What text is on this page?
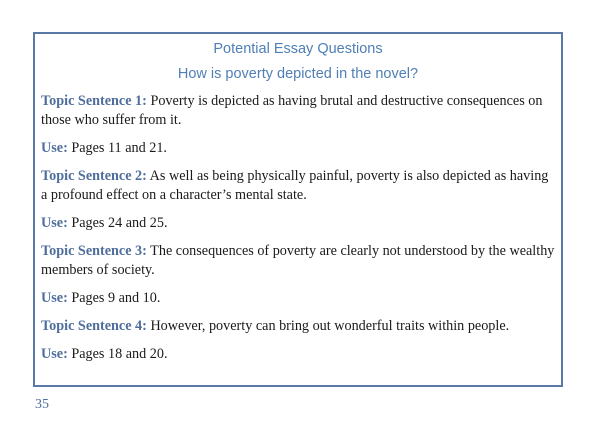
Potential Essay Questions
How is poverty depicted in the novel?

Topic Sentence 1: Poverty is depicted as having brutal and destructive consequences on those who suffer from it.

Use: Pages 11 and 21.

Topic Sentence 2: As well as being physically painful, poverty is also depicted as having a profound effect on a character’s mental state.

Use: Pages 24 and 25.

Topic Sentence 3: The consequences of poverty are clearly not understood by the wealthy members of society.

Use: Pages 9 and 10.

Topic Sentence 4: However, poverty can bring out wonderful traits within people.

Use: Pages 18 and 20.

35
